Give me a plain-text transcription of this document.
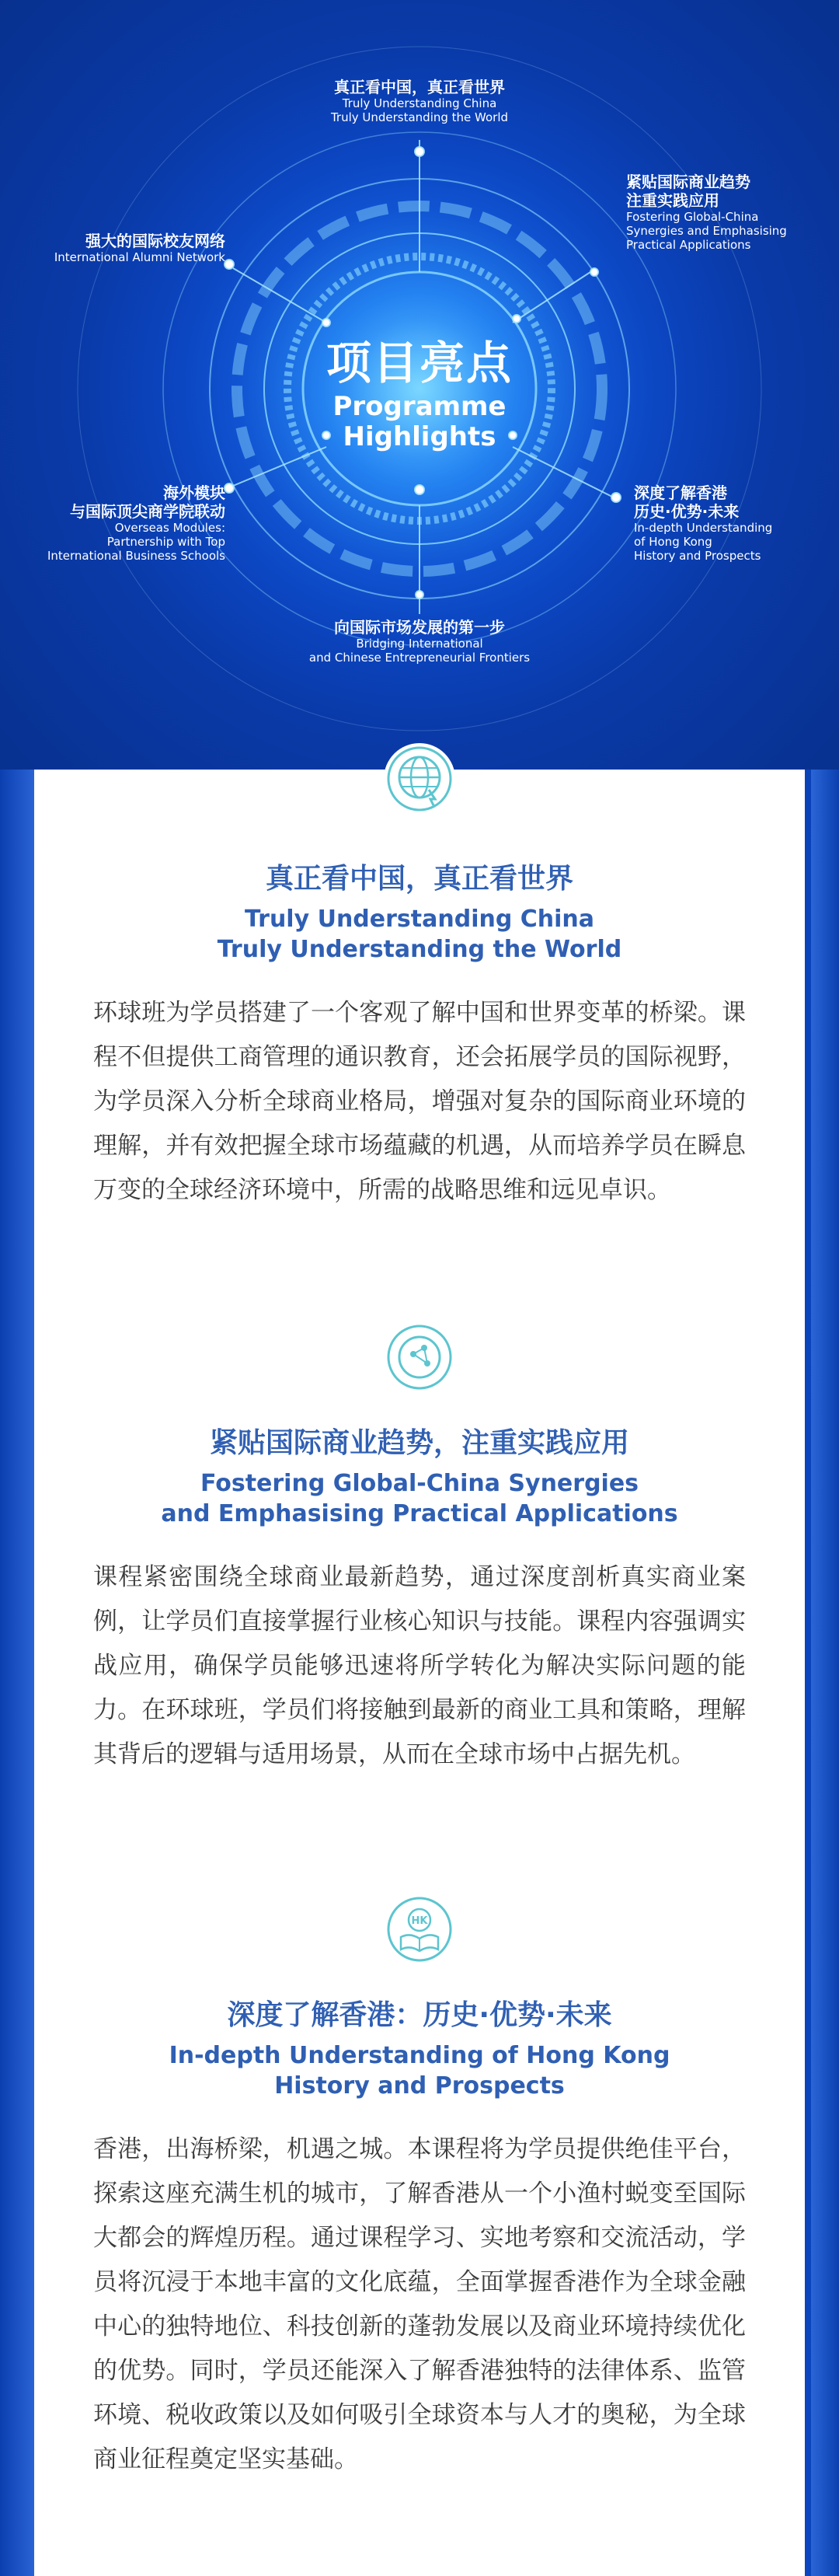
项目亮点
Programme
Highlights
真正看中国，真正看世界
Truly Understanding China
Truly Understanding the World
紧贴国际商业趋势
注重实践应用
Fostering Global-China
Synergies and Emphasising
Practical Applications
强大的国际校友网络
International Alumni Network
海外模块
与国际顶尖商学院联动
Overseas Modules:
Partnership with Top
International Business Schools
深度了解香港
历史·优势·未来
In-depth Understanding
of Hong Kong
History and Prospects
向国际市场发展的第一步
Bridging International
and Chinese Entrepreneurial Frontiers
真正看中国，真正看世界
Truly Understanding China
Truly Understanding the World
环球班为学员搭建了一个客观了解中国和世界变革的桥梁。课程不但提供工商管理的通识教育，还会拓展学员的国际视野，为学员深入分析全球商业格局，增强对复杂的国际商业环境的理解，并有效把握全球市场蕴藏的机遇，从而培养学员在瞬息万变的全球经济环境中，所需的战略思维和远见卓识。
紧贴国际商业趋势，注重实践应用
Fostering Global-China Synergies
and Emphasising Practical Applications
课程紧密围绕全球商业最新趋势，通过深度剖析真实商业案例，让学员们直接掌握行业核心知识与技能。课程内容强调实战应用，确保学员能够迅速将所学转化为解决实际问题的能力。在环球班，学员们将接触到最新的商业工具和策略，理解其背后的逻辑与适用场景，从而在全球市场中占据先机。
HK
深度了解香港：历史·优势·未来
In-depth Understanding of Hong Kong
History and Prospects
香港，出海桥梁，机遇之城。本课程将为学员提供绝佳平台，探索这座充满生机的城市，了解香港从一个小渔村蜕变至国际大都会的辉煌历程。通过课程学习、实地考察和交流活动，学员将沉浸于本地丰富的文化底蕴，全面掌握香港作为全球金融中心的独特地位、科技创新的蓬勃发展以及商业环境持续优化的优势。同时，学员还能深入了解香港独特的法律体系、监管环境、税收政策以及如何吸引全球资本与人才的奥秘，为全球商业征程奠定坚实基础。
